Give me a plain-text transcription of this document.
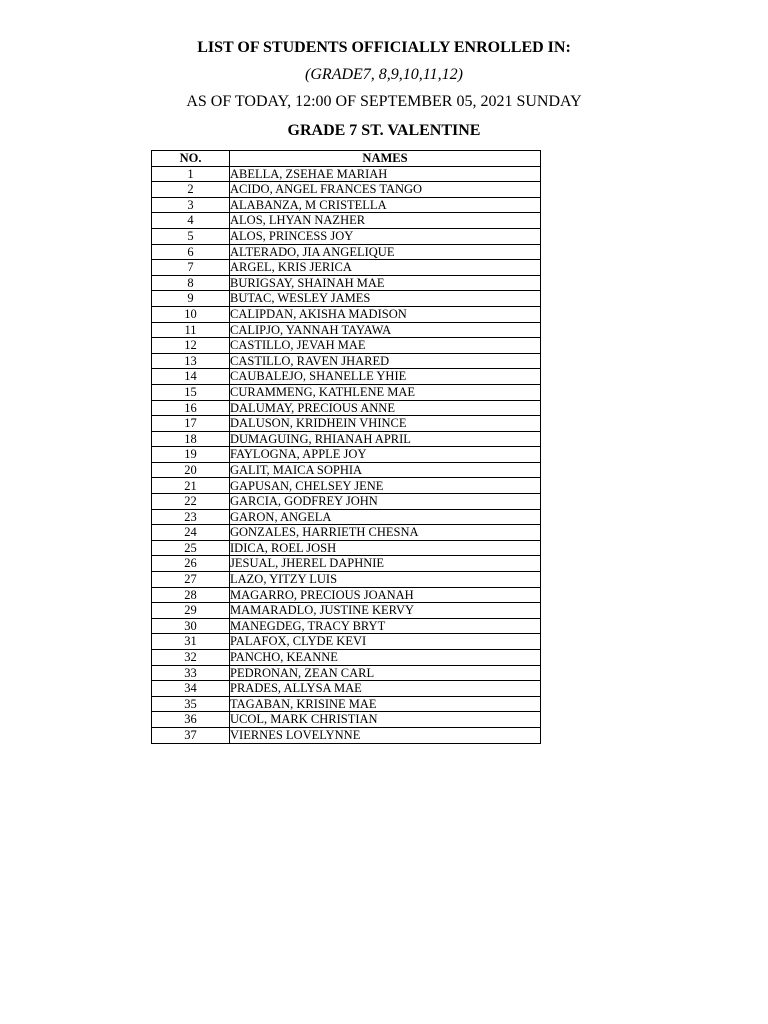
LIST OF STUDENTS OFFICIALLY ENROLLED IN:
(GRADE7, 8,9,10,11,12)
AS OF TODAY, 12:00 OF SEPTEMBER 05, 2021 SUNDAY
GRADE 7 ST. VALENTINE
NO.	NAMES
1	ABELLA, ZSEHAE MARIAH
2	ACIDO, ANGEL FRANCES TANGO
3	ALABANZA, M CRISTELLA
4	ALOS, LHYAN NAZHER
5	ALOS, PRINCESS JOY
6	ALTERADO, JIA ANGELIQUE
7	ARGEL, KRIS JERICA
8	BURIGSAY, SHAINAH MAE
9	BUTAC, WESLEY JAMES
10	CALIPDAN, AKISHA MADISON
11	CALIPJO, YANNAH TAYAWA
12	CASTILLO, JEVAH MAE
13	CASTILLO, RAVEN JHARED
14	CAUBALEJO, SHANELLE YHIE
15	CURAMMENG, KATHLENE MAE
16	DALUMAY, PRECIOUS ANNE
17	DALUSON, KRIDHEIN VHINCE
18	DUMAGUING, RHIANAH APRIL
19	FAYLOGNA, APPLE JOY
20	GALIT, MAICA SOPHIA
21	GAPUSAN, CHELSEY JENE
22	GARCIA, GODFREY JOHN
23	GARON, ANGELA
24	GONZALES, HARRIETH CHESNA
25	IDICA, ROEL JOSH
26	JESUAL, JHEREL DAPHNIE
27	LAZO, YITZY LUIS
28	MAGARRO, PRECIOUS JOANAH
29	MAMARADLO, JUSTINE KERVY
30	MANEGDEG, TRACY BRYT
31	PALAFOX, CLYDE KEVI
32	PANCHO, KEANNE
33	PEDRONAN, ZEAN CARL
34	PRADES, ALLYSA MAE
35	TAGABAN, KRISINE MAE
36	UCOL, MARK CHRISTIAN
37	VIERNES LOVELYNNE
